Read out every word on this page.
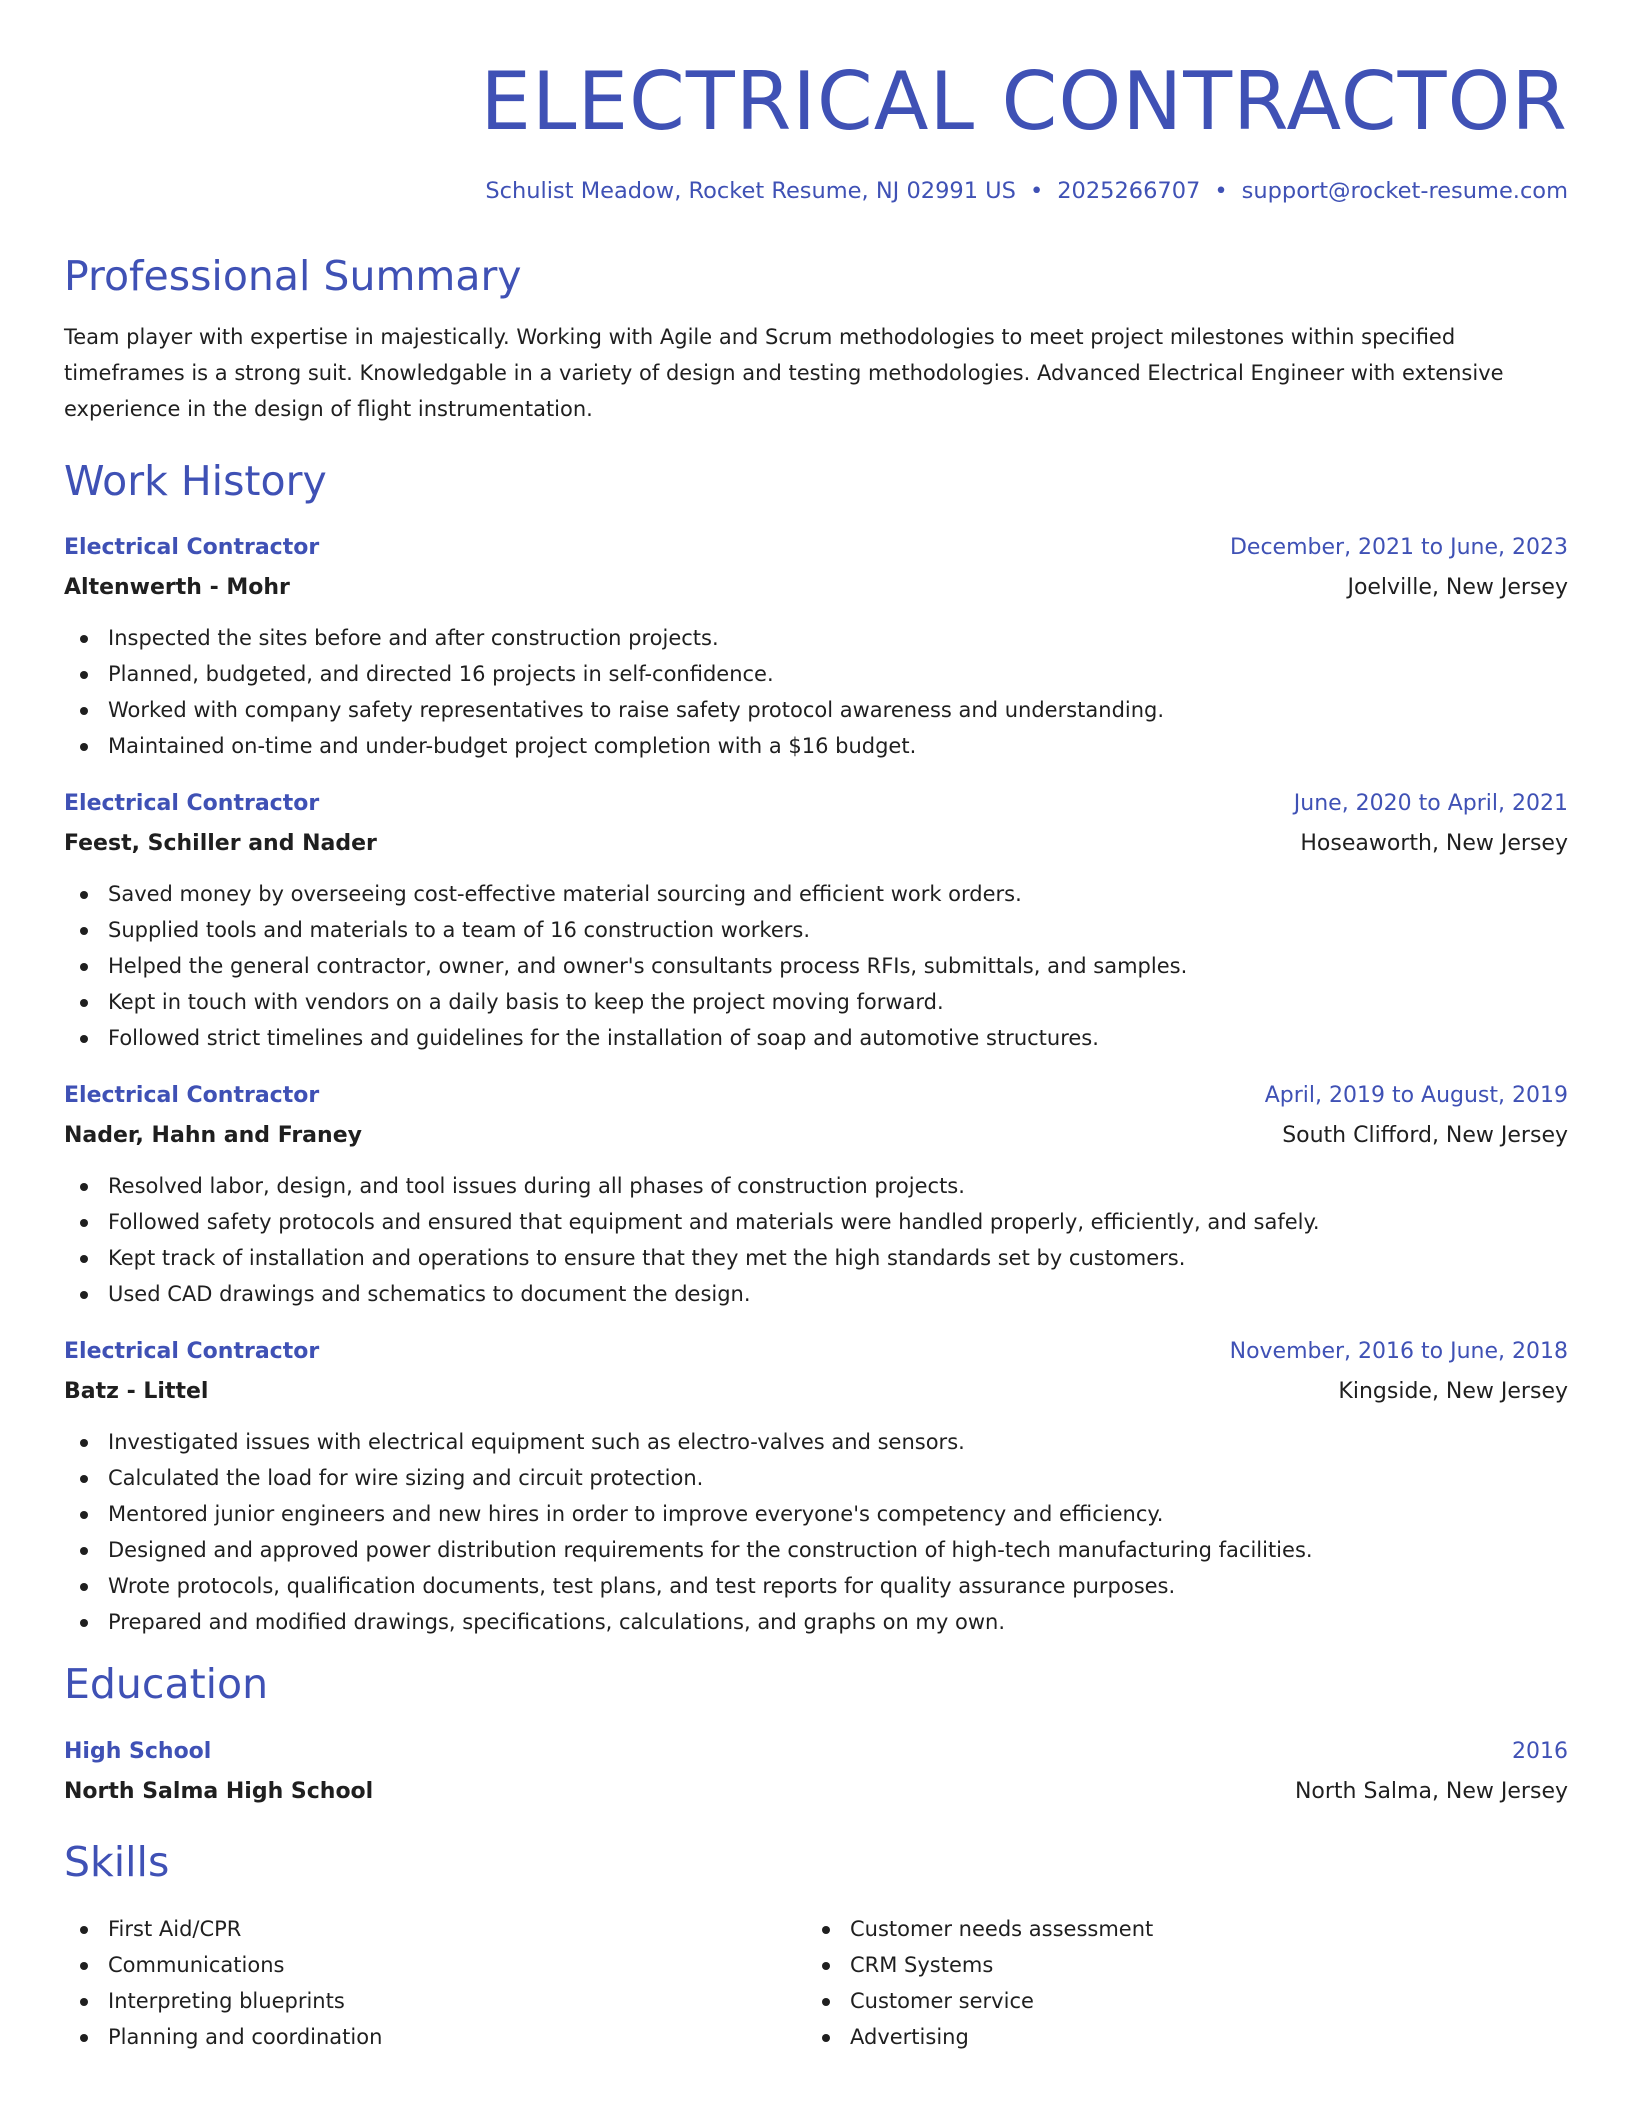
ELECTRICAL CONTRACTOR
Schulist Meadow, Rocket Resume, NJ 02991 US • 2025266707 • support@rocket-resume.com
Professional Summary
Team player with expertise in majestically. Working with Agile and Scrum methodologies to meet project milestones within specified timeframes is a strong suit. Knowledgable in a variety of design and testing methodologies. Advanced Electrical Engineer with extensive experience in the design of flight instrumentation.
Work History
Electrical Contractor	December, 2021 to June, 2023
Altenwerth - Mohr	Joelville, New Jersey
Inspected the sites before and after construction projects.
Planned, budgeted, and directed 16 projects in self-confidence.
Worked with company safety representatives to raise safety protocol awareness and understanding.
Maintained on-time and under-budget project completion with a $16 budget.
Electrical Contractor	June, 2020 to April, 2021
Feest, Schiller and Nader	Hoseaworth, New Jersey
Saved money by overseeing cost-effective material sourcing and efficient work orders.
Supplied tools and materials to a team of 16 construction workers.
Helped the general contractor, owner, and owner's consultants process RFIs, submittals, and samples.
Kept in touch with vendors on a daily basis to keep the project moving forward.
Followed strict timelines and guidelines for the installation of soap and automotive structures.
Electrical Contractor	April, 2019 to August, 2019
Nader, Hahn and Franey	South Clifford, New Jersey
Resolved labor, design, and tool issues during all phases of construction projects.
Followed safety protocols and ensured that equipment and materials were handled properly, efficiently, and safely.
Kept track of installation and operations to ensure that they met the high standards set by customers.
Used CAD drawings and schematics to document the design.
Electrical Contractor	November, 2016 to June, 2018
Batz - Littel	Kingside, New Jersey
Investigated issues with electrical equipment such as electro-valves and sensors.
Calculated the load for wire sizing and circuit protection.
Mentored junior engineers and new hires in order to improve everyone's competency and efficiency.
Designed and approved power distribution requirements for the construction of high-tech manufacturing facilities.
Wrote protocols, qualification documents, test plans, and test reports for quality assurance purposes.
Prepared and modified drawings, specifications, calculations, and graphs on my own.
Education
High School	2016
North Salma High School	North Salma, New Jersey
Skills
First Aid/CPR
Communications
Interpreting blueprints
Planning and coordination
Customer needs assessment
CRM Systems
Customer service
Advertising
